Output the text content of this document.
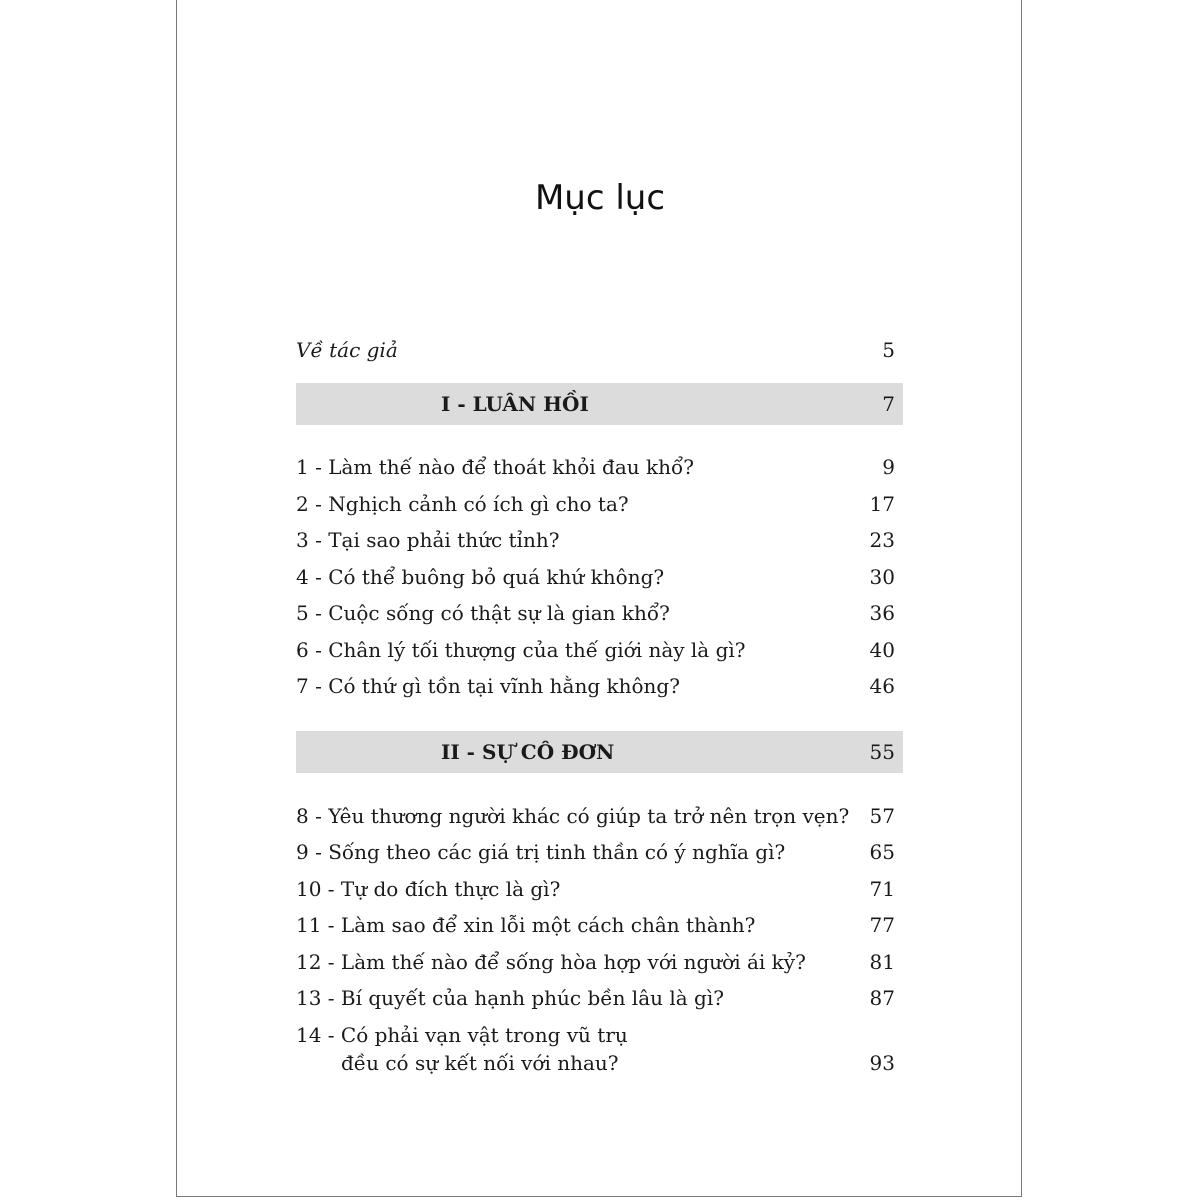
Mục lục
Về tác giả	5
I - LUÂN HỒI	7
1 - Làm thế nào để thoát khỏi đau khổ?	9
2 - Nghịch cảnh có ích gì cho ta?	17
3 - Tại sao phải thức tỉnh?	23
4 - Có thể buông bỏ quá khứ không?	30
5 - Cuộc sống có thật sự là gian khổ?	36
6 - Chân lý tối thượng của thế giới này là gì?	40
7 - Có thứ gì tồn tại vĩnh hằng không?	46
II - SỰ CÔ ĐƠN	55
8 - Yêu thương người khác có giúp ta trở nên trọn vẹn? 57
9 - Sống theo các giá trị tinh thần có ý nghĩa gì?	65
10 - Tự do đích thực là gì?	71
11 - Làm sao để xin lỗi một cách chân thành?	77
12 - Làm thế nào để sống hòa hợp với người ái kỷ?	81
13 - Bí quyết của hạnh phúc bền lâu là gì?	87
14 - Có phải vạn vật trong vũ trụ
đều có sự kết nối với nhau?	93
